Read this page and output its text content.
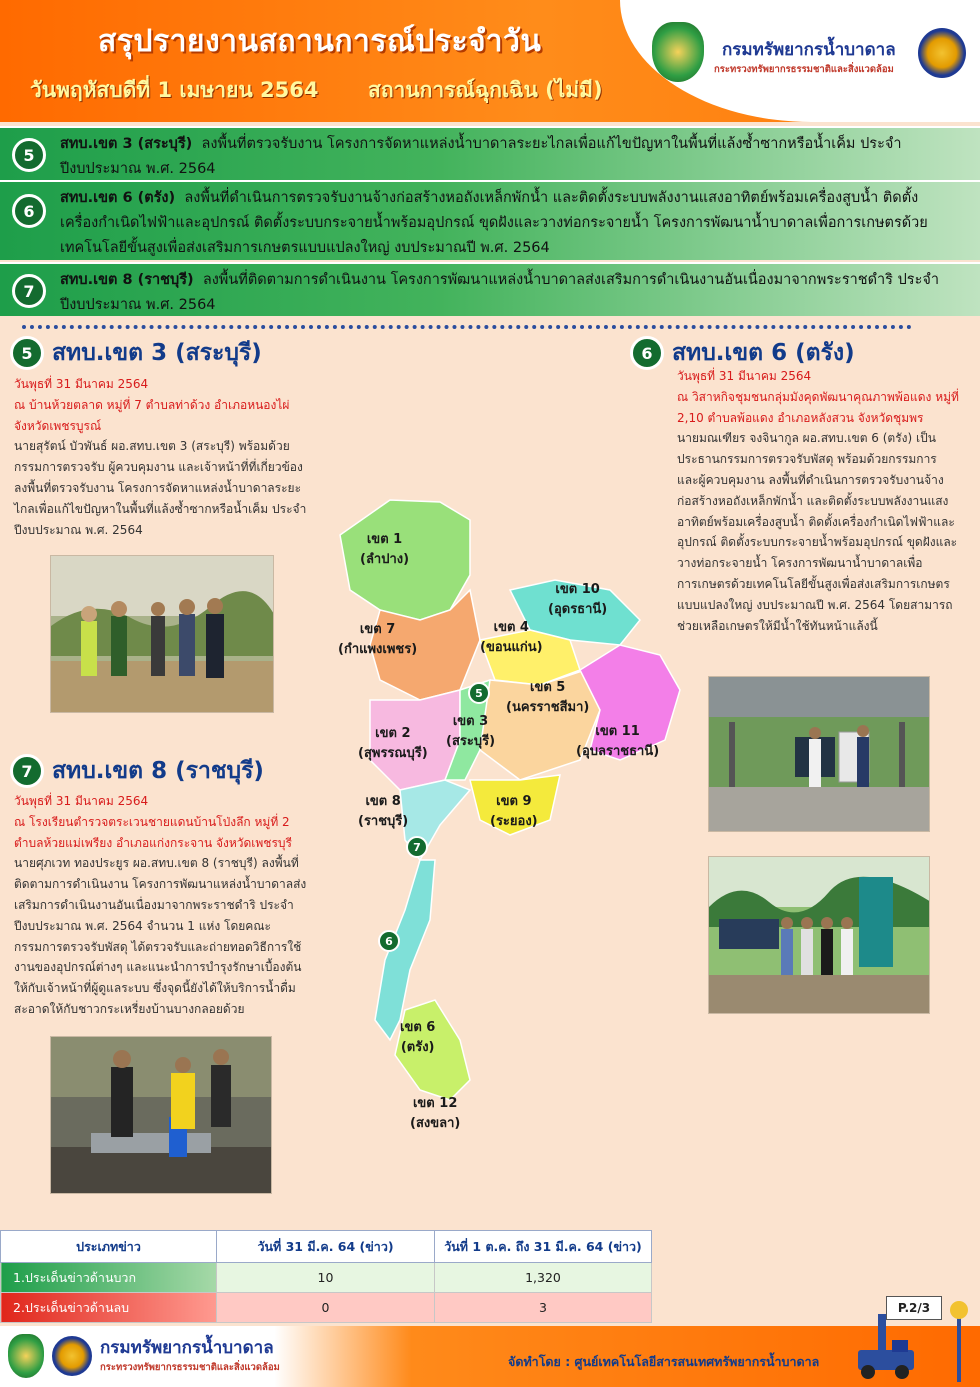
สรุปรายงานสถานการณ์ประจำวัน
วันพฤหัสบดีที่ 1 เมษายน 2564 สถานการณ์ฉุกเฉิน (ไม่มี)
กรมทรัพยากรน้ำบาดาล
กระทรวงทรัพยากรธรรมชาติและสิ่งแวดล้อม
5
สทบ.เขต 3 (สระบุรี) ลงพื้นที่ตรวจรับงาน โครงการจัดหาแหล่งน้ำบาดาลระยะไกลเพื่อแก้ไขปัญหาในพื้นที่แล้งซ้ำซากหรือน้ำเค็ม ประจำปีงบประมาณ พ.ศ. 2564
6
สทบ.เขต 6 (ตรัง) ลงพื้นที่ดำเนินการตรวจรับงานจ้างก่อสร้างหอถังเหล็กพักน้ำ และติดตั้งระบบพลังงานแสงอาทิตย์พร้อมเครื่องสูบน้ำ ติดตั้งเครื่องกำเนิดไฟฟ้าและอุปกรณ์ ติดตั้งระบบกระจายน้ำพร้อมอุปกรณ์ ขุดฝังและวางท่อกระจายน้ำ โครงการพัฒนาน้ำบาดาลเพื่อการเกษตรด้วยเทคโนโลยีขั้นสูงเพื่อส่งเสริมการเกษตรแบบแปลงใหญ่ งบประมาณปี พ.ศ. 2564
7
สทบ.เขต 8 (ราชบุรี) ลงพื้นที่ติดตามการดำเนินงาน โครงการพัฒนาแหล่งน้ำบาดาลส่งเสริมการดำเนินงานอันเนื่องมาจากพระราชดำริ ประจำปีงบประมาณ พ.ศ. 2564
5 สทบ.เขต 3 (สระบุรี)
วันพุธที่ 31 มีนาคม 2564
ณ บ้านห้วยตลาด หมู่ที่ 7 ตำบลท่าด้วง อำเภอหนองไผ่ จังหวัดเพชรบูรณ์
นายสุรัตน์ บัวพันธ์ ผอ.สทบ.เขต 3 (สระบุรี) พร้อมด้วยกรรมการตรวจรับ ผู้ควบคุมงาน และเจ้าหน้าที่ที่เกี่ยวข้อง ลงพื้นที่ตรวจรับงาน โครงการจัดหาแหล่งน้ำบาดาลระยะไกลเพื่อแก้ไขปัญหาในพื้นที่แล้งซ้ำซากหรือน้ำเค็ม ประจำปีงบประมาณ พ.ศ. 2564
6 สทบ.เขต 6 (ตรัง)
วันพุธที่ 31 มีนาคม 2564
ณ วิสาหกิจชุมชนกลุ่มมังคุดพัฒนาคุณภาพพ้อแดง หมู่ที่ 2,10 ตำบลพ้อแดง อำเภอหลังสวน จังหวัดชุมพร
นายมณเฑียร จงจินากูล ผอ.สทบ.เขต 6 (ตรัง) เป็นประธานกรรมการตรวจรับพัสดุ พร้อมด้วยกรรมการ และผู้ควบคุมงาน ลงพื้นที่ดำเนินการตรวจรับงานจ้างก่อสร้างหอถังเหล็กพักน้ำ และติดตั้งระบบพลังงานแสงอาทิตย์พร้อมเครื่องสูบน้ำ ติดตั้งเครื่องกำเนิดไฟฟ้าและอุปกรณ์ ติดตั้งระบบกระจายน้ำพร้อมอุปกรณ์ ขุดฝังและวางท่อกระจายน้ำ โครงการพัฒนาน้ำบาดาลเพื่อการเกษตรด้วยเทคโนโลยีขั้นสูงเพื่อส่งเสริมการเกษตรแบบแปลงใหญ่ งบประมาณปี พ.ศ. 2564 โดยสามารถช่วยเหลือเกษตรให้มีน้ำใช้ทันหน้าแล้งนี้
7 สทบ.เขต 8 (ราชบุรี)
วันพุธที่ 31 มีนาคม 2564
ณ โรงเรียนตำรวจตระเวนชายแดนบ้านโป่งลึก หมู่ที่ 2 ตำบลห้วยแม่เพรียง อำเภอแก่งกระจาน จังหวัดเพชรบุรี
นายศุภเวท ทองประยูร ผอ.สทบ.เขต 8 (ราชบุรี) ลงพื้นที่ติดตามการดำเนินงาน โครงการพัฒนาแหล่งน้ำบาดาลส่งเสริมการดำเนินงานอันเนื่องมาจากพระราชดำริ ประจำปีงบประมาณ พ.ศ. 2564 จำนวน 1 แห่ง โดยคณะกรรมการตรวจรับพัสดุ ได้ตรวจรับและถ่ายทอดวิธีการใช้งานของอุปกรณ์ต่างๆ และแนะนำการบำรุงรักษาเบื้องต้น ให้กับเจ้าหน้าที่ผู้ดูแลระบบ ซึ่งจุดนี้ยังได้ให้บริการน้ำดื่มสะอาดให้กับชาวกระเหรี่ยงบ้านบางกลอยด้วย
เขต 1
(ลำปาง)
เขต 7
(กำแพงเพชร)
เขต 10
(อุดรธานี)
เขต 4
(ขอนแก่น)
เขต 5
(นครราชสีมา)
เขต 2
(สุพรรณบุรี)
เขต 3
(สระบุรี)
เขต 11
(อุบลราชธานี)
เขต 8
(ราชบุรี)
เขต 9
(ระยอง)
เขต 6
(ตรัง)
เขต 12
(สงขลา)
5
7
6
ประเภทข่าว	วันที่ 31 มี.ค. 64 (ข่าว)	วันที่ 1 ต.ค. ถึง 31 มี.ค. 64 (ข่าว)
1.ประเด็นข่าวด้านบวก	10	1,320
2.ประเด็นข่าวด้านลบ	0	3	P.2/3
กรมทรัพยากรน้ำบาดาล
กระทรวงทรัพยากรธรรมชาติและสิ่งแวดล้อม	จัดทำโดย : ศูนย์เทคโนโลยีสารสนเทศทรัพยากรน้ำบาดาล
